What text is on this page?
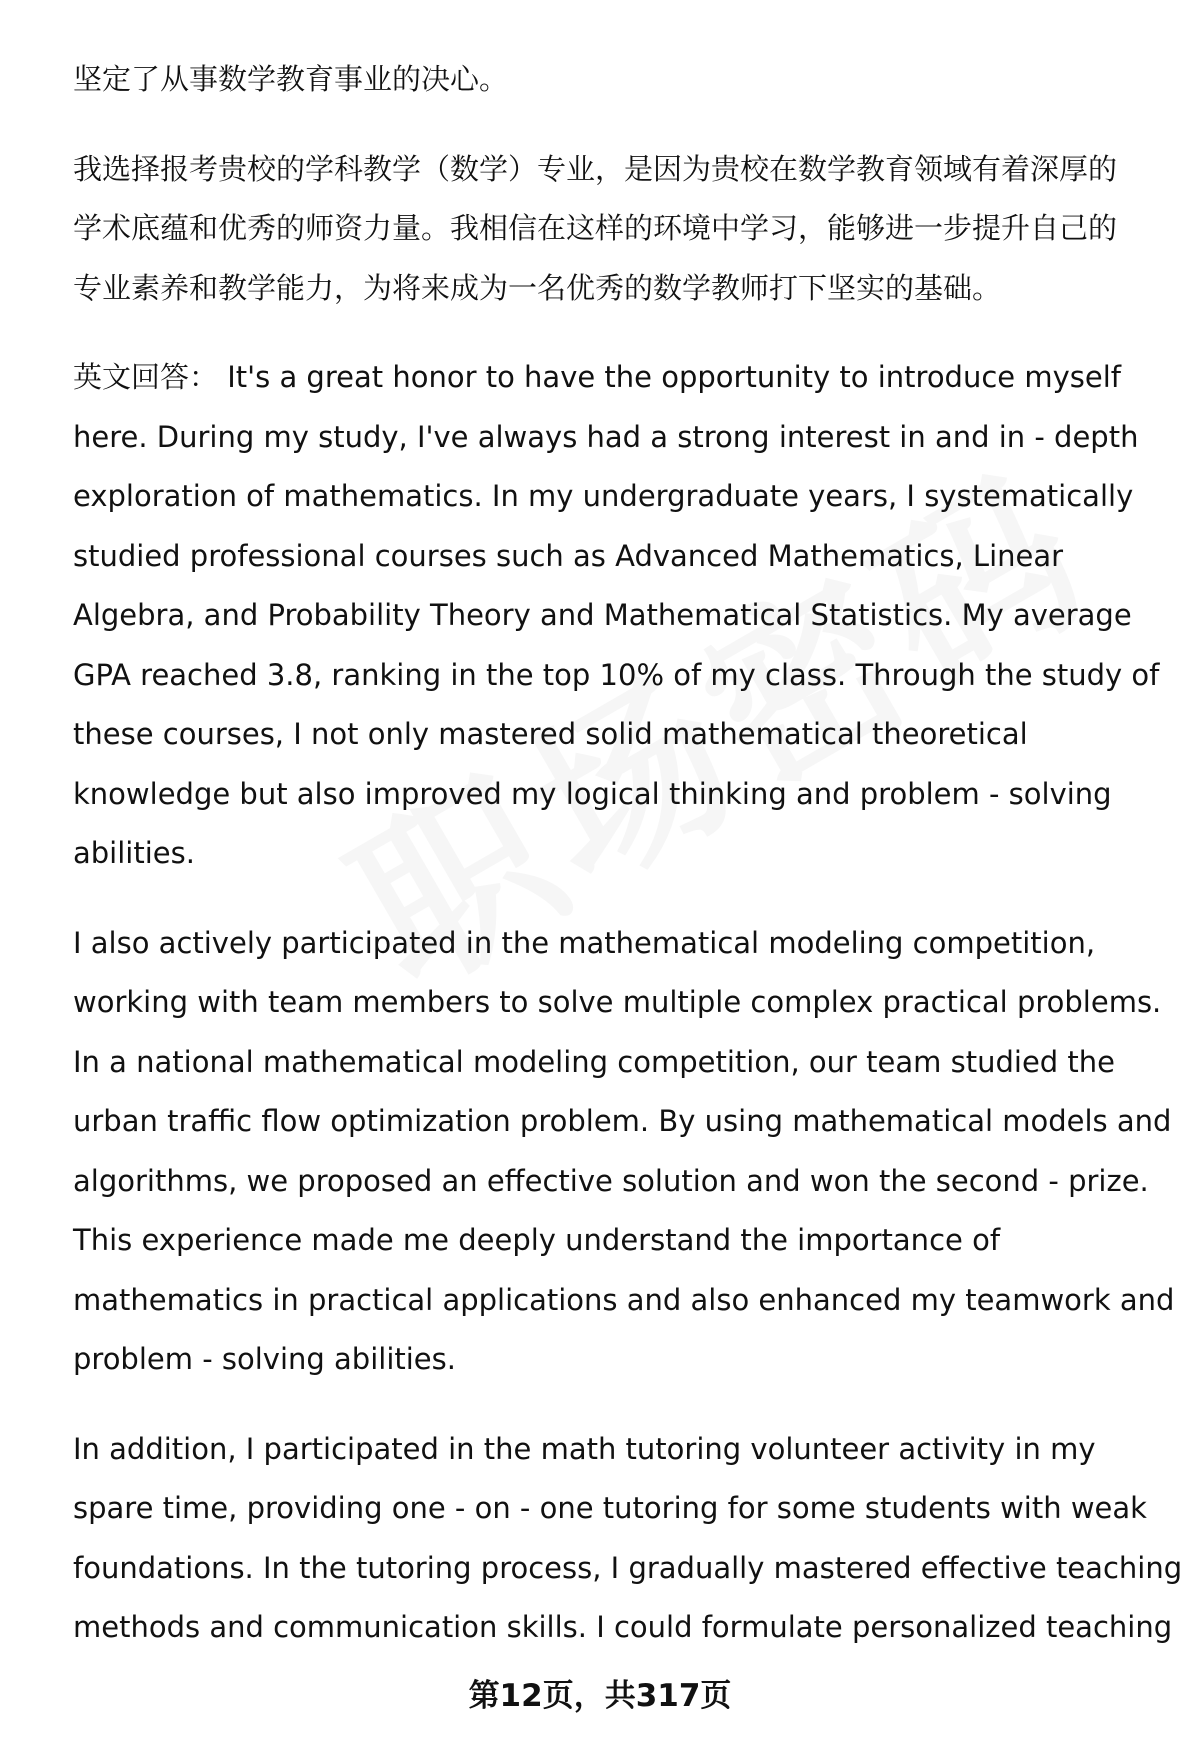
坚定了从事数学教育事业的决心。

我选择报考贵校的学科教学（数学）专业，是因为贵校在数学教育领域有着深厚的
学术底蕴和优秀的师资力量。我相信在这样的环境中学习，能够进一步提升自己的
专业素养和教学能力，为将来成为一名优秀的数学教师打下坚实的基础。

英文回答： It's a great honor to have the opportunity to introduce myself
here. During my study, I've always had a strong interest in and in - depth
exploration of mathematics. In my undergraduate years, I systematically
studied professional courses such as Advanced Mathematics, Linear
Algebra, and Probability Theory and Mathematical Statistics. My average
GPA reached 3.8, ranking in the top 10% of my class. Through the study of
these courses, I not only mastered solid mathematical theoretical
knowledge but also improved my logical thinking and problem - solving
abilities.

I also actively participated in the mathematical modeling competition,
working with team members to solve multiple complex practical problems.
In a national mathematical modeling competition, our team studied the
urban traffic flow optimization problem. By using mathematical models and
algorithms, we proposed an effective solution and won the second - prize.
This experience made me deeply understand the importance of
mathematics in practical applications and also enhanced my teamwork and
problem - solving abilities.

In addition, I participated in the math tutoring volunteer activity in my
spare time, providing one - on - one tutoring for some students with weak
foundations. In the tutoring process, I gradually mastered effective teaching
methods and communication skills. I could formulate personalized teaching

第12页，共317页
